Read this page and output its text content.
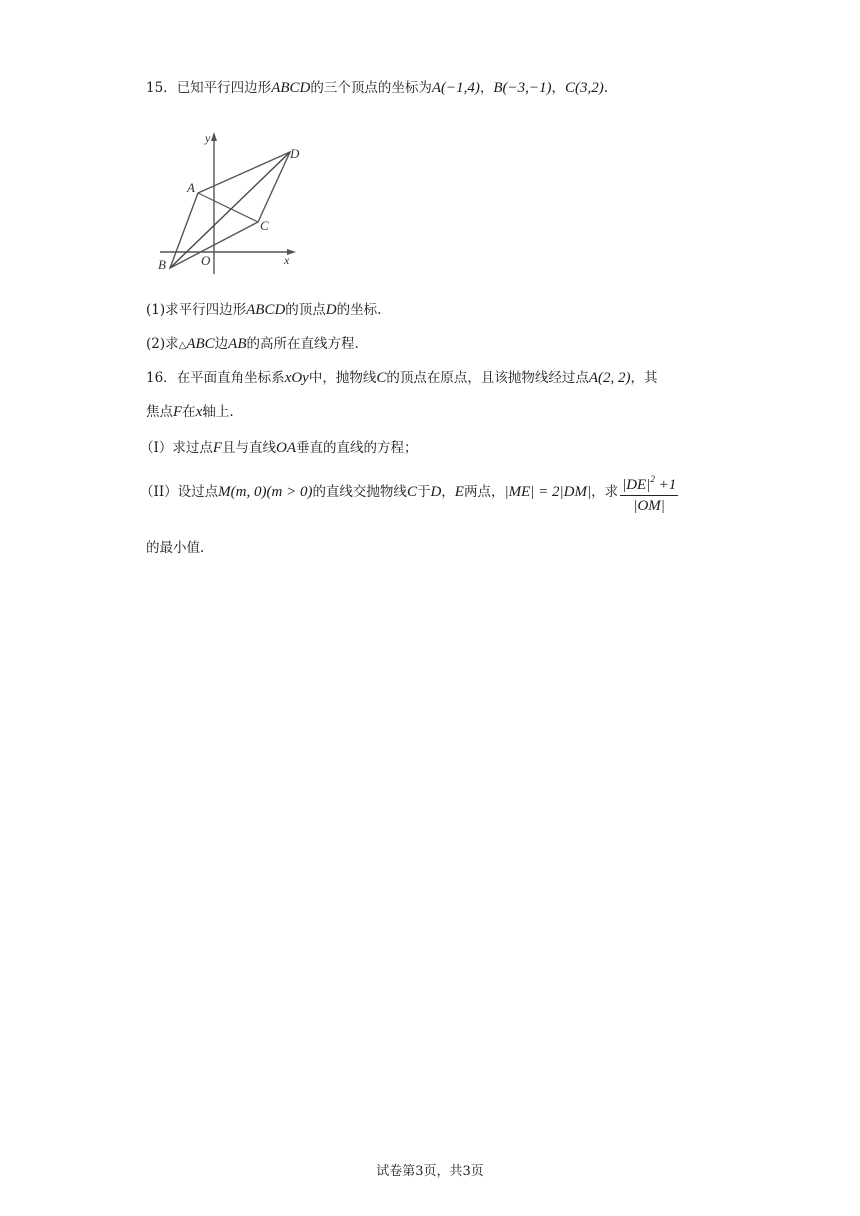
15．已知平行四边形ABCD的三个顶点的坐标为A(−1,4)，B(−3,−1)，C(3,2).
y
x
A
B
C
D
O
(1)求平行四边形ABCD的顶点D的坐标.
(2)求△ABC边AB的高所在直线方程.
16．在平面直角坐标系xOy中，抛物线C的顶点在原点，且该抛物线经过点A(2, 2)，其
焦点F在x轴上.
（I）求过点F且与直线OA垂直的直线的方程；
（II）设过点M(m, 0)(m > 0)的直线交抛物线C于D，E两点，|ME| = 2|DM|，求 $\frac{|DE|^2 +1}{|OM|}$
的最小值.
试卷第3页，共3页
